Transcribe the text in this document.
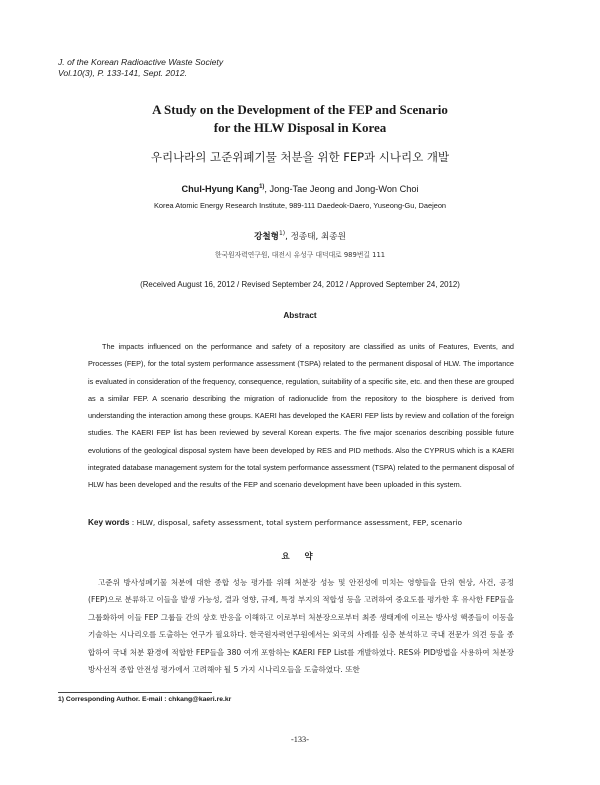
J. of the Korean Radioactive Waste Society
Vol.10(3), P. 133-141, Sept. 2012.
A Study on the Development of the FEP and Scenario
for the HLW Disposal in Korea
우리나라의 고준위폐기물 처분을 위한 FEP과 시나리오 개발
Chul-Hyung Kang$^{1)}$, Jong-Tae Jeong and Jong-Won Choi
Korea Atomic Energy Research Institute, 989-111 Daedeok-Daero, Yuseong-Gu, Daejeon
강철형$^{1)}$, 정종태, 최종원
한국원자력연구원, 대전시 유성구 대덕대로 989번길 111
(Received August 16, 2012 / Revised September 24, 2012 / Approved September 24, 2012)
Abstract

The impacts influenced on the performance and safety of a repository are classified as units of Features, Events, and Processes (FEP), for the total system performance assessment (TSPA) related to the permanent disposal of HLW. The importance is evaluated in consideration of the frequency, consequence, regulation, suitability of a specific site, etc. and then these are grouped as a similar FEP. A scenario describing the migration of radionuclide from the repository to the biosphere is derived from understanding the interaction among these groups. KAERI has developed the KAERI FEP lists by review and collation of the foreign studies. The KAERI FEP list has been reviewed by several Korean experts. The five major scenarios describing possible future evolutions of the geological disposal system have been developed by RES and PID methods. Also the CYPRUS which is a KAERI integrated database management system for the total system performance assessment (TSPA) related to the permanent disposal of HLW has been developed and the results of the FEP and scenario development have been uploaded in this system.

Key words : HLW, disposal, safety assessment, total system performance assessment, FEP, scenario
요 약

고준위 방사성폐기물 처분에 대한 종합 성능 평가를 위해 처분장 성능 및 안전성에 미치는 영향들을 단위 현상, 사건, 공정 (FEP)으로 분류하고 이들을 발생 가능성, 결과 영향, 규제, 특정 부지의 적합성 등을 고려하여 중요도를 평가한 후 유사한 FEP들을 그룹화하여 이들 FEP 그룹들 간의 상호 반응을 이해하고 이로부터 처분장으로부터 최종 생태계에 이르는 방사성 핵종들이 이동을 기술하는 시나리오를 도출하는 연구가 필요하다. 한국원자력연구원에서는 외국의 사례를 심층 분석하고 국내 전문가 의견 등을 종합하여 국내 처분 환경에 적합한 FEP들을 380 여개 포함하는 KAERI FEP List를 개발하였다. RES와 PID방법을 사용하여 처분장 방사선적 종합 안전성 평가에서 고려해야 될 5 가지 시나리오들을 도출하였다. 또한

1) Corresponding Author. E-mail : chkang@kaeri.re.kr
-133-
